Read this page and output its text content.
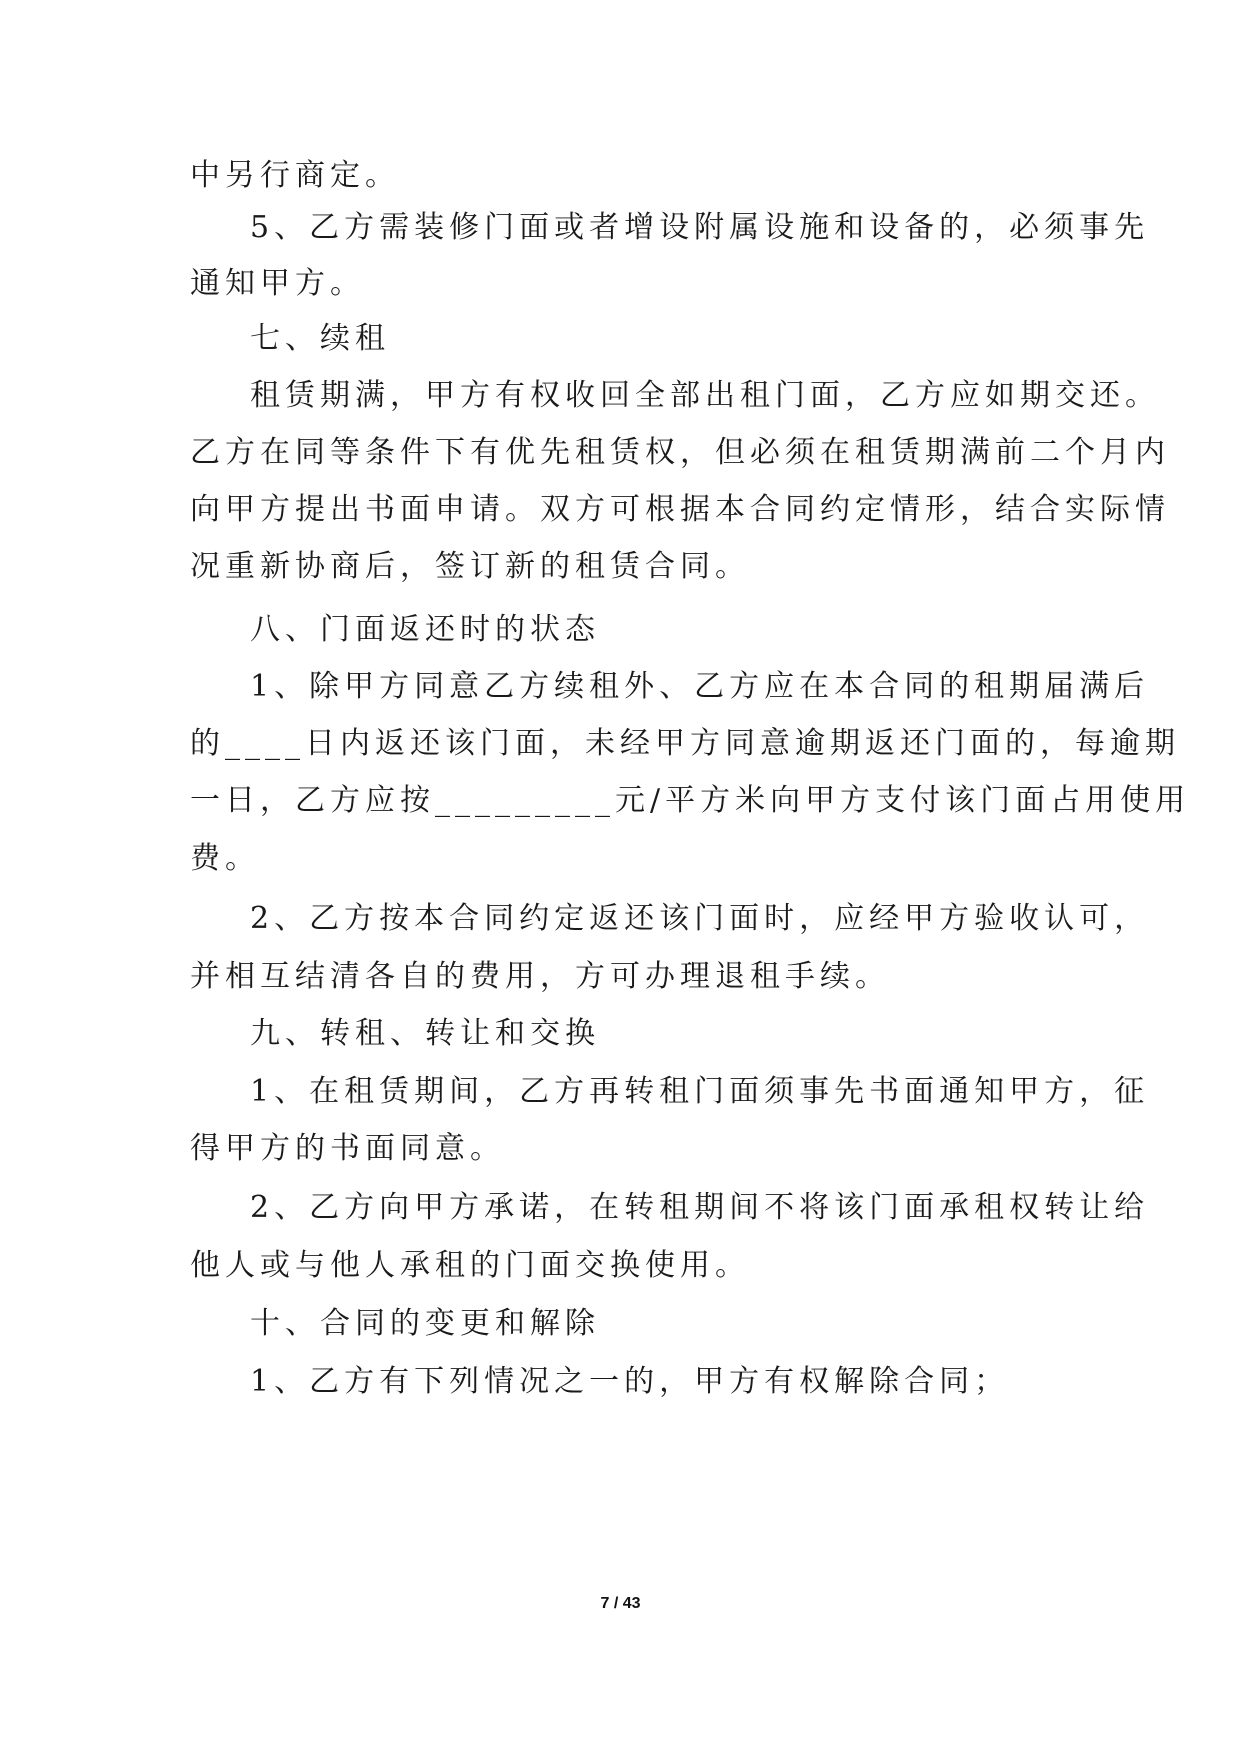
中另行商定。
5、乙方需装修门面或者增设附属设施和设备的，必须事先
通知甲方。
七、续租
租赁期满，甲方有权收回全部出租门面，乙方应如期交还。
乙方在同等条件下有优先租赁权，但必须在租赁期满前二个月内
向甲方提出书面申请。双方可根据本合同约定情形，结合实际情
况重新协商后，签订新的租赁合同。
八、门面返还时的状态
1、除甲方同意乙方续租外、乙方应在本合同的租期届满后
的____日内返还该门面，未经甲方同意逾期返还门面的，每逾期
一日，乙方应按_________元/平方米向甲方支付该门面占用使用
费。
2、乙方按本合同约定返还该门面时，应经甲方验收认可，
并相互结清各自的费用，方可办理退租手续。
九、转租、转让和交换
1、在租赁期间，乙方再转租门面须事先书面通知甲方，征
得甲方的书面同意。
2、乙方向甲方承诺，在转租期间不将该门面承租权转让给
他人或与他人承租的门面交换使用。
十、合同的变更和解除
1、乙方有下列情况之一的，甲方有权解除合同；
7 / 43
